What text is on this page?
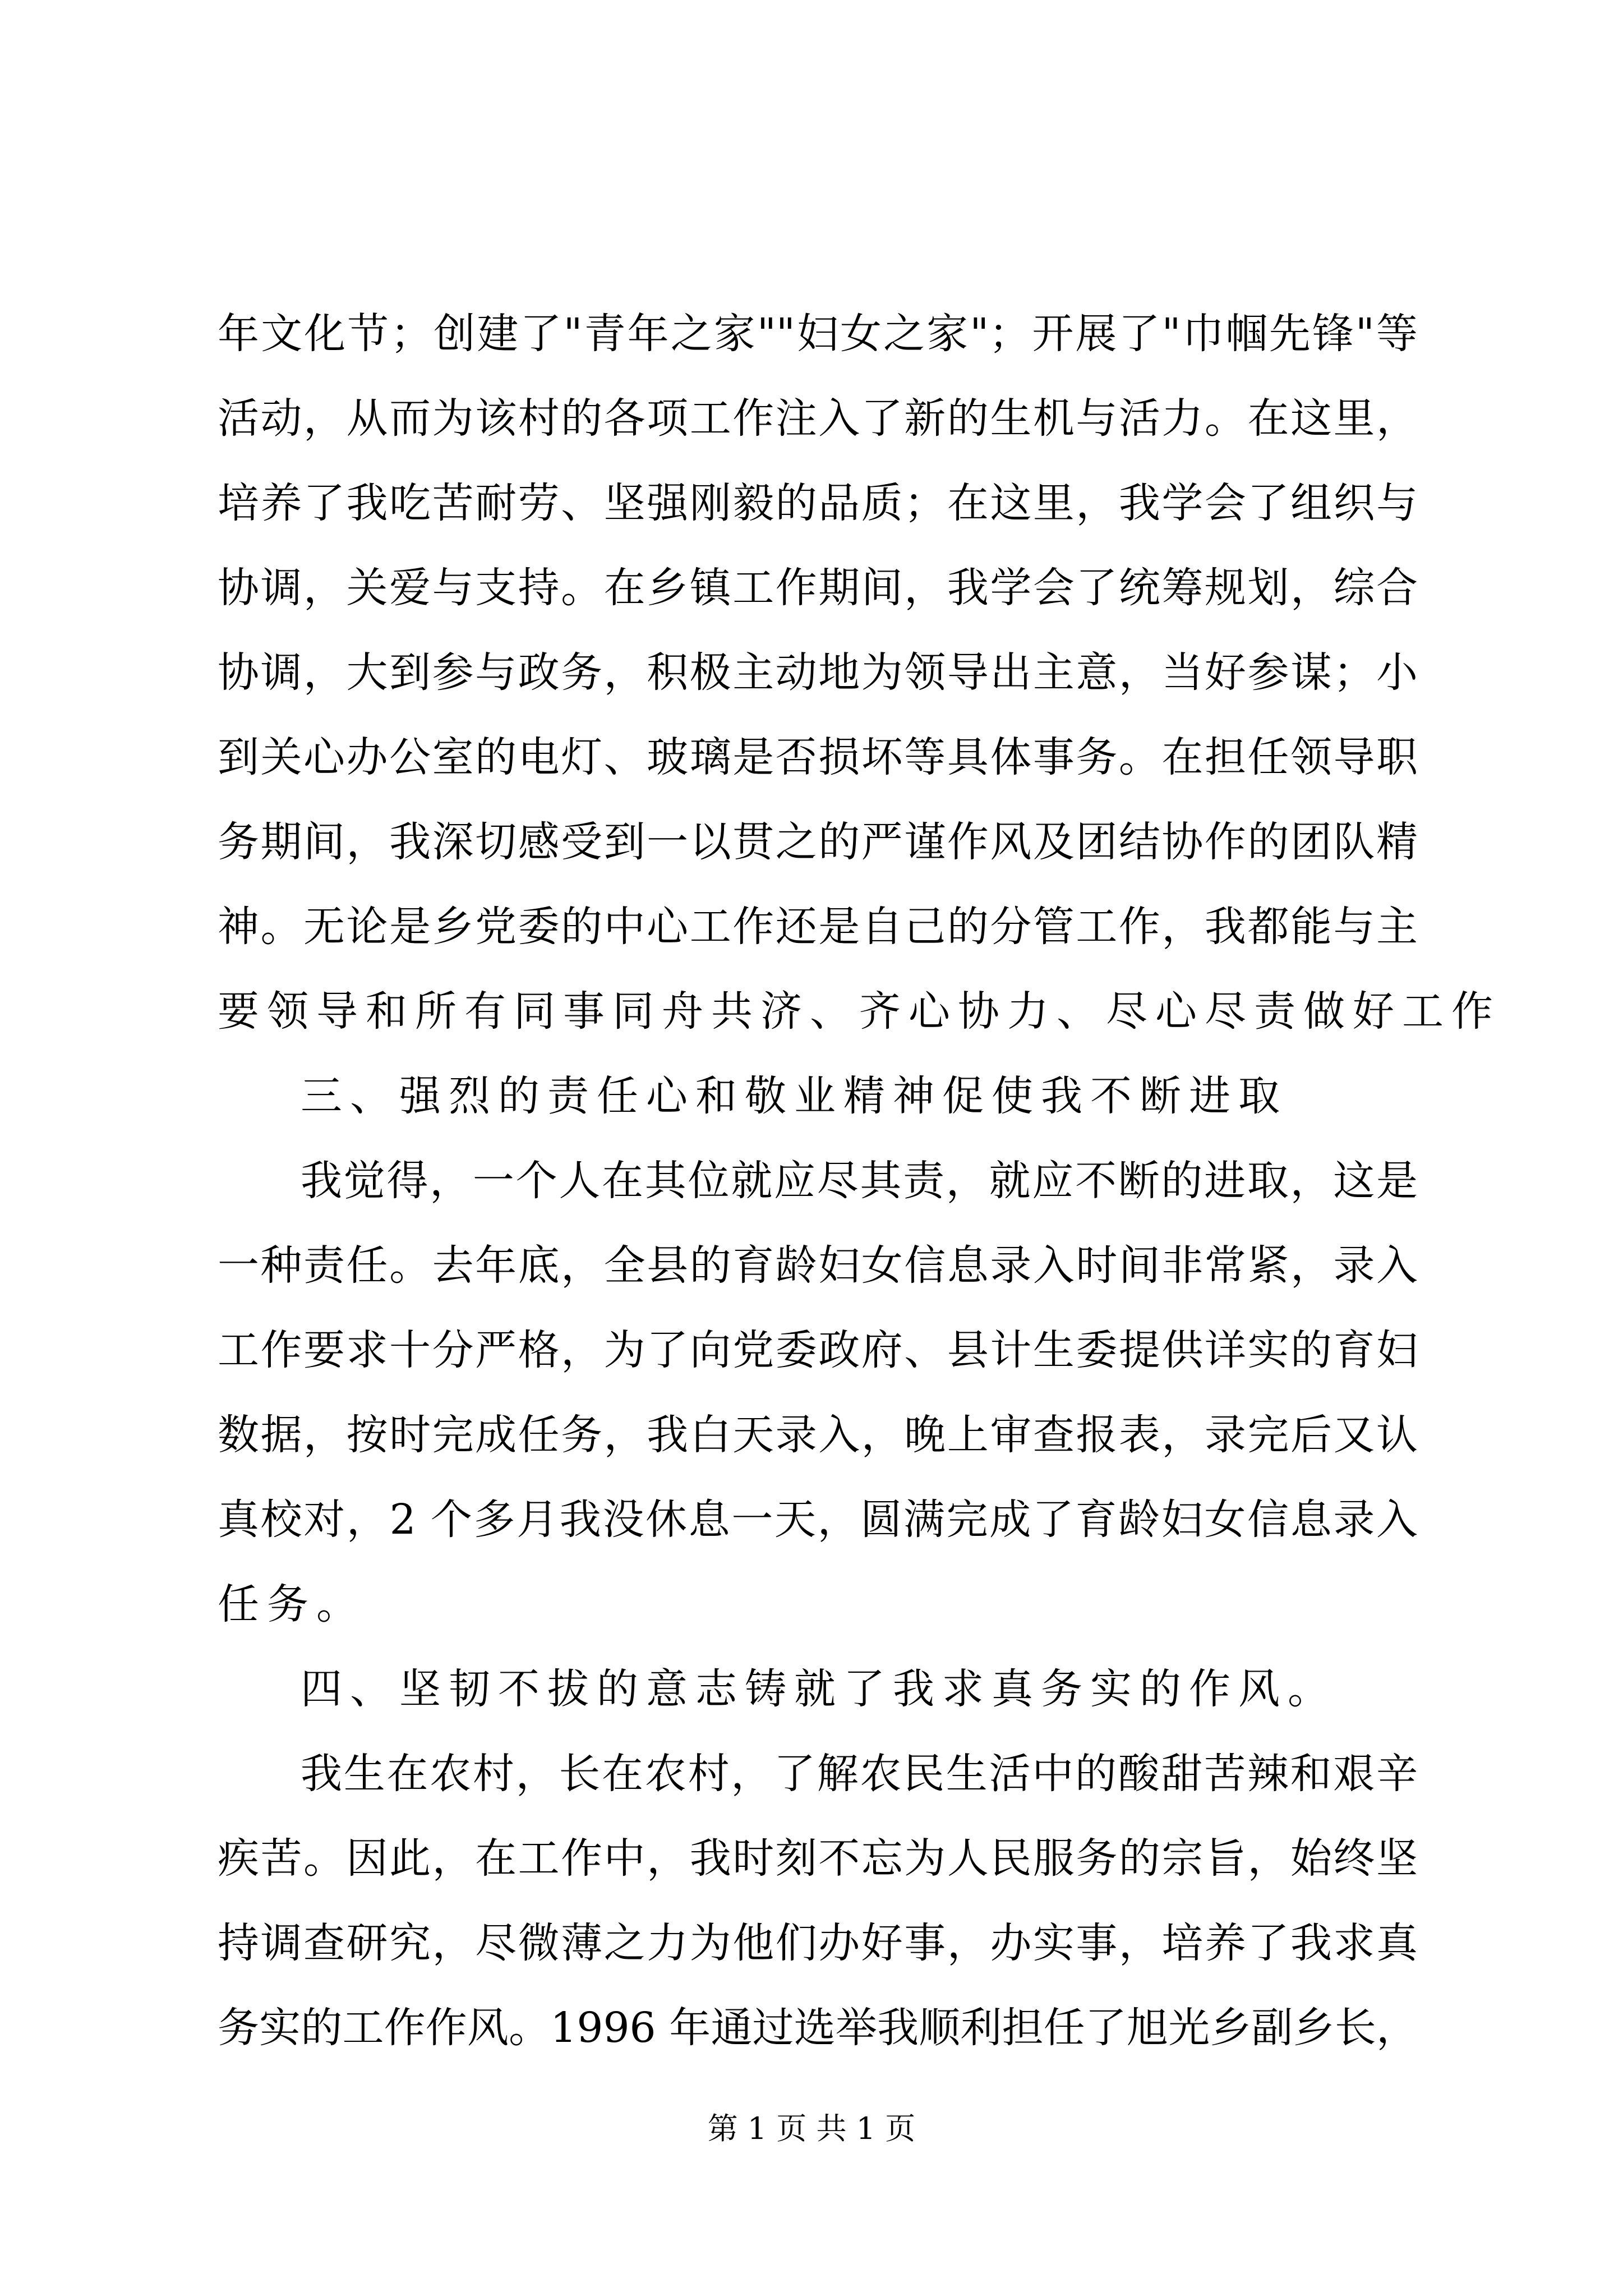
年文化节；创建了"青年之家""妇女之家"；开展了"巾帼先锋"等
活动，从而为该村的各项工作注入了新的生机与活力。在这里，
培养了我吃苦耐劳、坚强刚毅的品质；在这里，我学会了组织与
协调，关爱与支持。在乡镇工作期间，我学会了统筹规划，综合
协调，大到参与政务，积极主动地为领导出主意，当好参谋；小
到关心办公室的电灯、玻璃是否损坏等具体事务。在担任领导职
务期间，我深切感受到一以贯之的严谨作风及团结协作的团队精
神。无论是乡党委的中心工作还是自己的分管工作，我都能与主
要领导和所有同事同舟共济、齐心协力、尽心尽责做好工作
三、强烈的责任心和敬业精神促使我不断进取
我觉得，一个人在其位就应尽其责，就应不断的进取，这是
一种责任。去年底，全县的育龄妇女信息录入时间非常紧，录入
工作要求十分严格，为了向党委政府、县计生委提供详实的育妇
数据，按时完成任务，我白天录入，晚上审查报表，录完后又认
真校对，2 个多月我没休息一天，圆满完成了育龄妇女信息录入
任务。
四、坚韧不拔的意志铸就了我求真务实的作风。
我生在农村，长在农村，了解农民生活中的酸甜苦辣和艰辛
疾苦。因此，在工作中，我时刻不忘为人民服务的宗旨，始终坚
持调查研究，尽微薄之力为他们办好事，办实事，培养了我求真
务实的工作作风。1996 年通过选举我顺利担任了旭光乡副乡长，
第 1 页 共 1 页
